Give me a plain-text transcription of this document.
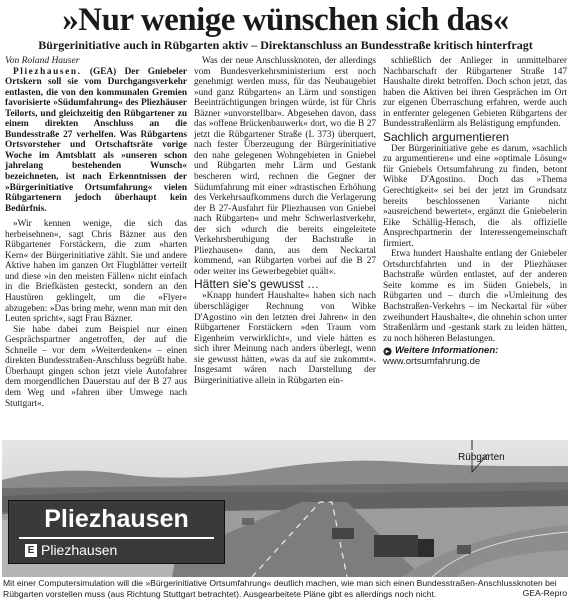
»Nur wenige wünschen sich das«
Bürgerinitiative auch in Rübgarten aktiv – Direktanschluss an Bundesstraße kritisch hinterfragt

Von Roland Hauser

Pliezhausen. (GEA) Der Gniebeler Ortskern soll sie vom Durchgangsverkehr entlasten, die von den kommunalen Gremien favorisierte »Südumfahrung« des Pliezhäuser Teilorts, und gleichzeitig den Rübgartener zu einem direkten Anschluss an die Bundesstraße 27 verhelfen. Was Rübgartens Ortsvorsteher und Ortschaftsräte vorige Woche im Amtsblatt als »unseren schon jahrelang bestehenden Wunsch« bezeichneten, ist nach Erkenntnissen der »Bürgerinitiative Ortsumfahrung« vielen Rübgartenern jedoch überhaupt kein Bedürfnis.

»Wir kennen wenige, die sich das herbeisehnen«, sagt Chris Bäzner aus den Rübgartener Forstäckern, die zum »harten Kern« der Bürgerinitiative zählt. Sie und andere Aktive haben im ganzen Ort Flugblätter verteilt und diese »in den meisten Fällen« nicht einfach in die Briefkästen gesteckt, sondern an den Haustüren geklingelt, um die »Flyer« abzugeben: »Das bring mehr, wenn man mit den Leuten spricht«, sagt Frau Bäzner.

Sie habe dabei zum Beispiel nur einen Gesprächspartner angetroffen, der auf die Schnelle – vor dem »Weiterdenken« – einen direkten Bundesstraßen-Anschluss begrüßt habe. Überhaupt gingen schon jetzt viele Autofahrer dem morgendlichen Dauerstau auf der B 27 aus dem Weg und »fahren über Umwege nach Stuttgart«.

Was der neue Anschlussknoten, der allerdings vom Bundesverkehrsministerium erst noch genehmigt werden muss, für das Neubaugebiet »und ganz Rübgarten« an Lärm und sonstigen Beeinträchtigungen bringen würde, ist für Chris Bäzner »unvorstellbar«. Abgesehen davon, dass das »offene Brückenbauwerk« dort, wo die B 27 jetzt die Rübgartener Straße (L 373) überquert, nach fester Überzeugung der Bürgerinitiative den nahe gelegenen Wohngebieten in Gniebel und Rübgarten mehr Lärm und Gestank bescheren wird, rechnen die Gegner der Südumfahrung mit einer »drastischen Erhöhung des Verkehrsaufkommens durch die Verlagerung der B 27-Ausfahrt für Pliezhausen von Gniebel nach Rübgarten« und mehr Schwerlastverkehr, der sich »durch die bereits eingeleitete Verkehrsberuhigung der Bachstraße in Pliezhausen« dann, aus dem Neckartal kommend, »an Rübgarten vorbei auf die B 27 oder weiter ins Gewerbegebiet quält«.

Hätten sie's gewusst …

»Knapp hundert Haushalte« haben sich nach überschlägiger Rechnung von Wibke D'Agostino »in den letzten drei Jahren« in den Rübgartener Forstäckern »den Traum vom Eigenheim verwirklicht«, und viele hätten es sich ihrer Meinung nach anders überlegt, wenn sie gewusst hätten, »was da auf sie zukommt«. Insgesamt wären nach Darstellung der Bürgerinitiative allein in Rübgarten ein-

schließlich der Anlieger in unmittelbarer Nachbarschaft der Rübgartener Straße 147 Haushalte direkt betroffen. Doch schon jetzt, das haben die Aktiven bei ihren Gesprächen im Ort zur eigenen Überraschung erfahren, werde auch in entfernter gelegenen Gebieten Rübgartens der Bundesstraßenlärm als Belästigung empfunden.

Sachlich argumentieren

Der Bürgerinitiative gehe es darum, »sachlich zu argumentieren« und eine »optimale Lösung« für Gniebels Ortsumfahrung zu finden, betont Wibke D'Agostino. Doch das »Thema Gerechtigkeit« sei bei der jetzt im Grundsatz bereits beschlossenen Variante nicht »ausreichend bewertet«, ergänzt die Gniebelerin Eike Schällig-Hensch, die als offizielle Ansprechpartnerin der Interessengemeinschaft firmiert.

Etwa hundert Haushalte entlang der Gniebeler Ortsdurchfahrten und in der Pliezhäuser Bachstraße würden entlastet, auf der anderen Seite komme es im Süden Gniebels, in Rübgarten und – durch die »Umleitung des Bachstraßen-Verkehrs – im Neckartal für »über zweihundert Haushalte«, die ohnehin schon unter Straßenlärm und -gestank stark zu leiden hätten, zu noch höheren Belastungen.

Weitere Informationen:
www.ortsumfahrung.de
Pliezhausen
E Pliezhausen
Rübgarten
Mit einer Computersimulation will die »Bürgerinitiative Ortsumfahrung« deutlich machen, wie man sich einen Bundesstraßen-Anschlussknoten bei Rübgarten vorstellen muss (aus Richtung Stuttgart betrachtet). Ausgearbeitete Pläne gibt es allerdings noch nicht.	GEA-Repro
